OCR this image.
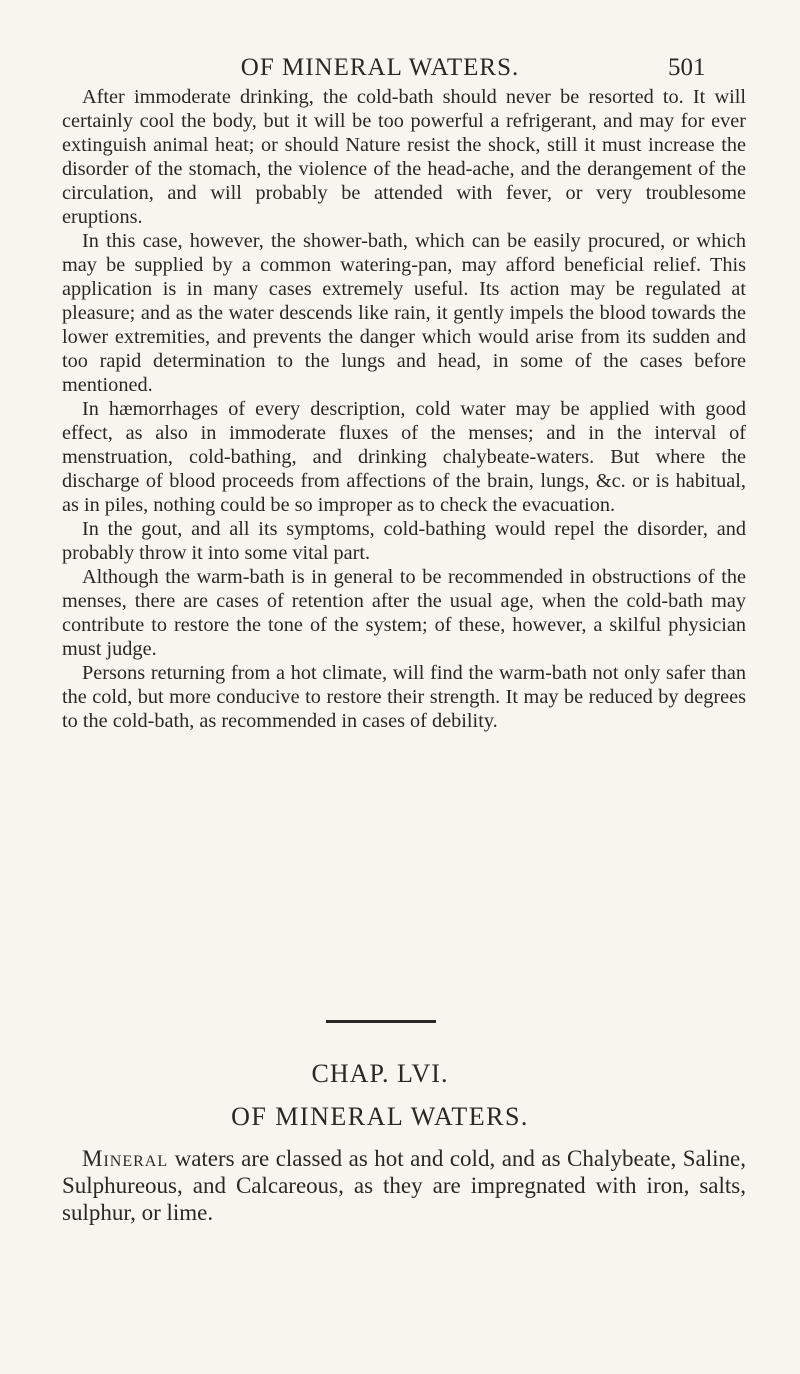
OF MINERAL WATERS.	501

After immoderate drinking, the cold-bath should never be resorted to. It will certainly cool the body, but it will be too powerful a refrigerant, and may for ever extinguish animal heat; or should Nature resist the shock, still it must increase the disorder of the stomach, the violence of the head-ache, and the derangement of the circulation, and will probably be attended with fever, or very troublesome eruptions.

In this case, however, the shower-bath, which can be easily procured, or which may be supplied by a common watering-pan, may afford beneficial relief. This application is in many cases extremely useful. Its action may be regulated at pleasure; and as the water descends like rain, it gently impels the blood towards the lower extremities, and prevents the danger which would arise from its sudden and too rapid determination to the lungs and head, in some of the cases before mentioned.

In hæmorrhages of every description, cold water may be applied with good effect, as also in immoderate fluxes of the menses; and in the interval of menstruation, cold-bathing, and drinking chalybeate-waters. But where the discharge of blood proceeds from affections of the brain, lungs, &c. or is habitual, as in piles, nothing could be so improper as to check the evacuation.

In the gout, and all its symptoms, cold-bathing would repel the disorder, and probably throw it into some vital part.

Although the warm-bath is in general to be recommended in obstructions of the menses, there are cases of retention after the usual age, when the cold-bath may contribute to restore the tone of the system; of these, however, a skilful physician must judge.

Persons returning from a hot climate, will find the warm-bath not only safer than the cold, but more conducive to restore their strength. It may be reduced by degrees to the cold-bath, as recommended in cases of debility.

CHAP. LVI.
OF MINERAL WATERS.

Mineral waters are classed as hot and cold, and as Chalybeate, Saline, Sulphureous, and Calcareous, as they are impregnated with iron, salts, sulphur, or lime.
